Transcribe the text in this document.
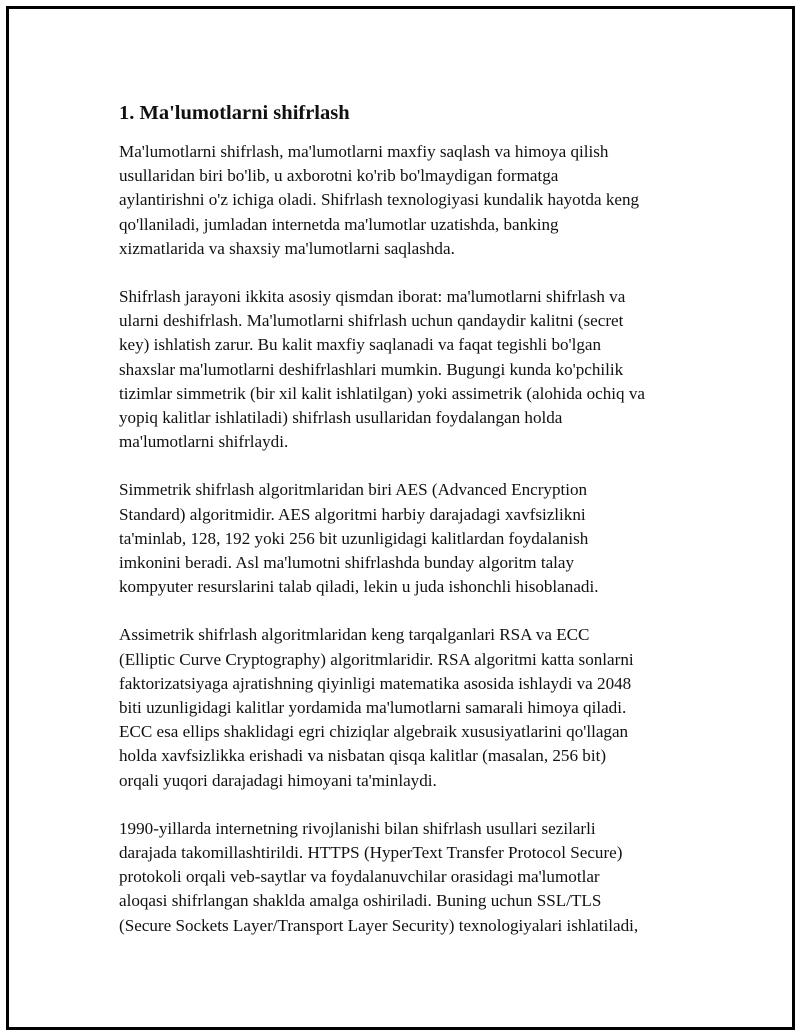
1. Ma'lumotlarni shifrlash

Ma'lumotlarni shifrlash, ma'lumotlarni maxfiy saqlash va himoya qilish
usullaridan biri bo'lib, u axborotni ko'rib bo'lmaydigan formatga
aylantirishni o'z ichiga oladi. Shifrlash texnologiyasi kundalik hayotda keng
qo'llaniladi, jumladan internetda ma'lumotlar uzatishda, banking
xizmatlarida va shaxsiy ma'lumotlarni saqlashda.

Shifrlash jarayoni ikkita asosiy qismdan iborat: ma'lumotlarni shifrlash va
ularni deshifrlash. Ma'lumotlarni shifrlash uchun qandaydir kalitni (secret
key) ishlatish zarur. Bu kalit maxfiy saqlanadi va faqat tegishli bo'lgan
shaxslar ma'lumotlarni deshifrlashlari mumkin. Bugungi kunda ko'pchilik
tizimlar simmetrik (bir xil kalit ishlatilgan) yoki assimetrik (alohida ochiq va
yopiq kalitlar ishlatiladi) shifrlash usullaridan foydalangan holda
ma'lumotlarni shifrlaydi.

Simmetrik shifrlash algoritmlaridan biri AES (Advanced Encryption
Standard) algoritmidir. AES algoritmi harbiy darajadagi xavfsizlikni
ta'minlab, 128, 192 yoki 256 bit uzunligidagi kalitlardan foydalanish
imkonini beradi. Asl ma'lumotni shifrlashda bunday algoritm talay
kompyuter resurslarini talab qiladi, lekin u juda ishonchli hisoblanadi.

Assimetrik shifrlash algoritmlaridan keng tarqalganlari RSA va ECC
(Elliptic Curve Cryptography) algoritmlaridir. RSA algoritmi katta sonlarni
faktorizatsiyaga ajratishning qiyinligi matematika asosida ishlaydi va 2048
biti uzunligidagi kalitlar yordamida ma'lumotlarni samarali himoya qiladi.
ECC esa ellips shaklidagi egri chiziqlar algebraik xususiyatlarini qo'llagan
holda xavfsizlikka erishadi va nisbatan qisqa kalitlar (masalan, 256 bit)
orqali yuqori darajadagi himoyani ta'minlaydi.

1990-yillarda internetning rivojlanishi bilan shifrlash usullari sezilarli
darajada takomillashtirildi. HTTPS (HyperText Transfer Protocol Secure)
protokoli orqali veb-saytlar va foydalanuvchilar orasidagi ma'lumotlar
aloqasi shifrlangan shaklda amalga oshiriladi. Buning uchun SSL/TLS
(Secure Sockets Layer/Transport Layer Security) texnologiyalari ishlatiladi,
